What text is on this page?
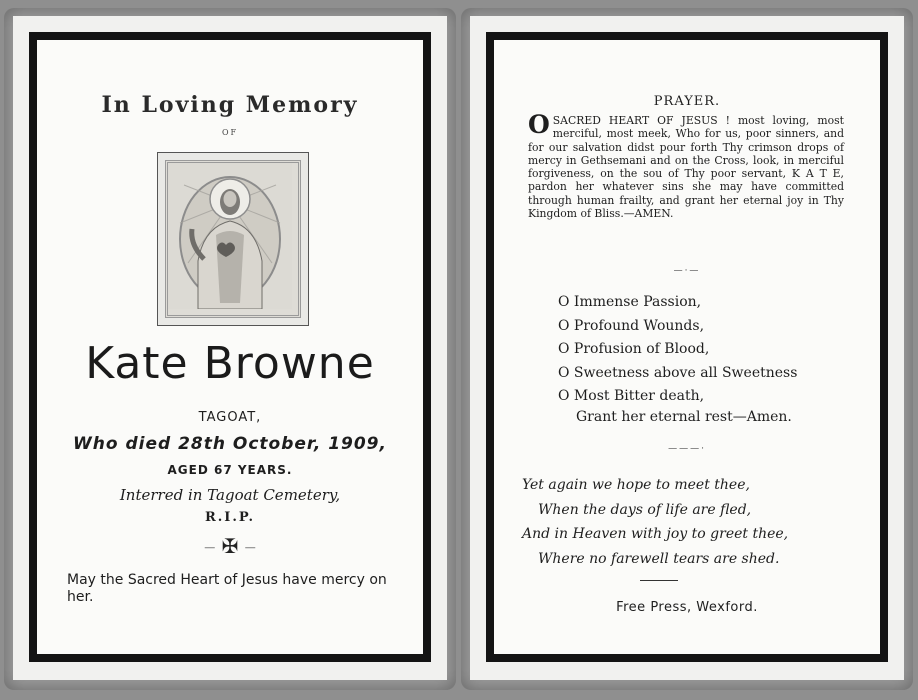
In Loving Memory
OF
Kate Browne
TAGOAT,
Who died 28th October, 1909,
AGED 67 YEARS.
Interred in Tagoat Cemetery,
R.I.P.
— ✠ —
May the Sacred Heart of Jesus have mercy on her.
PRAYER.
OSACRED HEART OF JESUS ! most loving, most merciful, most meek, Who for us, poor sinners, and for our salvation didst pour forth Thy crimson drops of mercy in Gethsemani and on the Cross, look, in merciful forgiveness, on the sou of Thy poor servant, K A T E, pardon her whatever sins she may have committed through human frailty, and grant her eternal joy in Thy Kingdom of Bliss.—AMEN.
—·—
O Immense Passion,
O Profound Wounds,
O Profusion of Blood,
O Sweetness above all Sweetness
O Most Bitter death,
Grant her eternal rest—Amen.
———·
Yet again we hope to meet thee,
When the days of life are fled,
And in Heaven with joy to greet thee,
Where no farewell tears are shed.
Free Press, Wexford.
